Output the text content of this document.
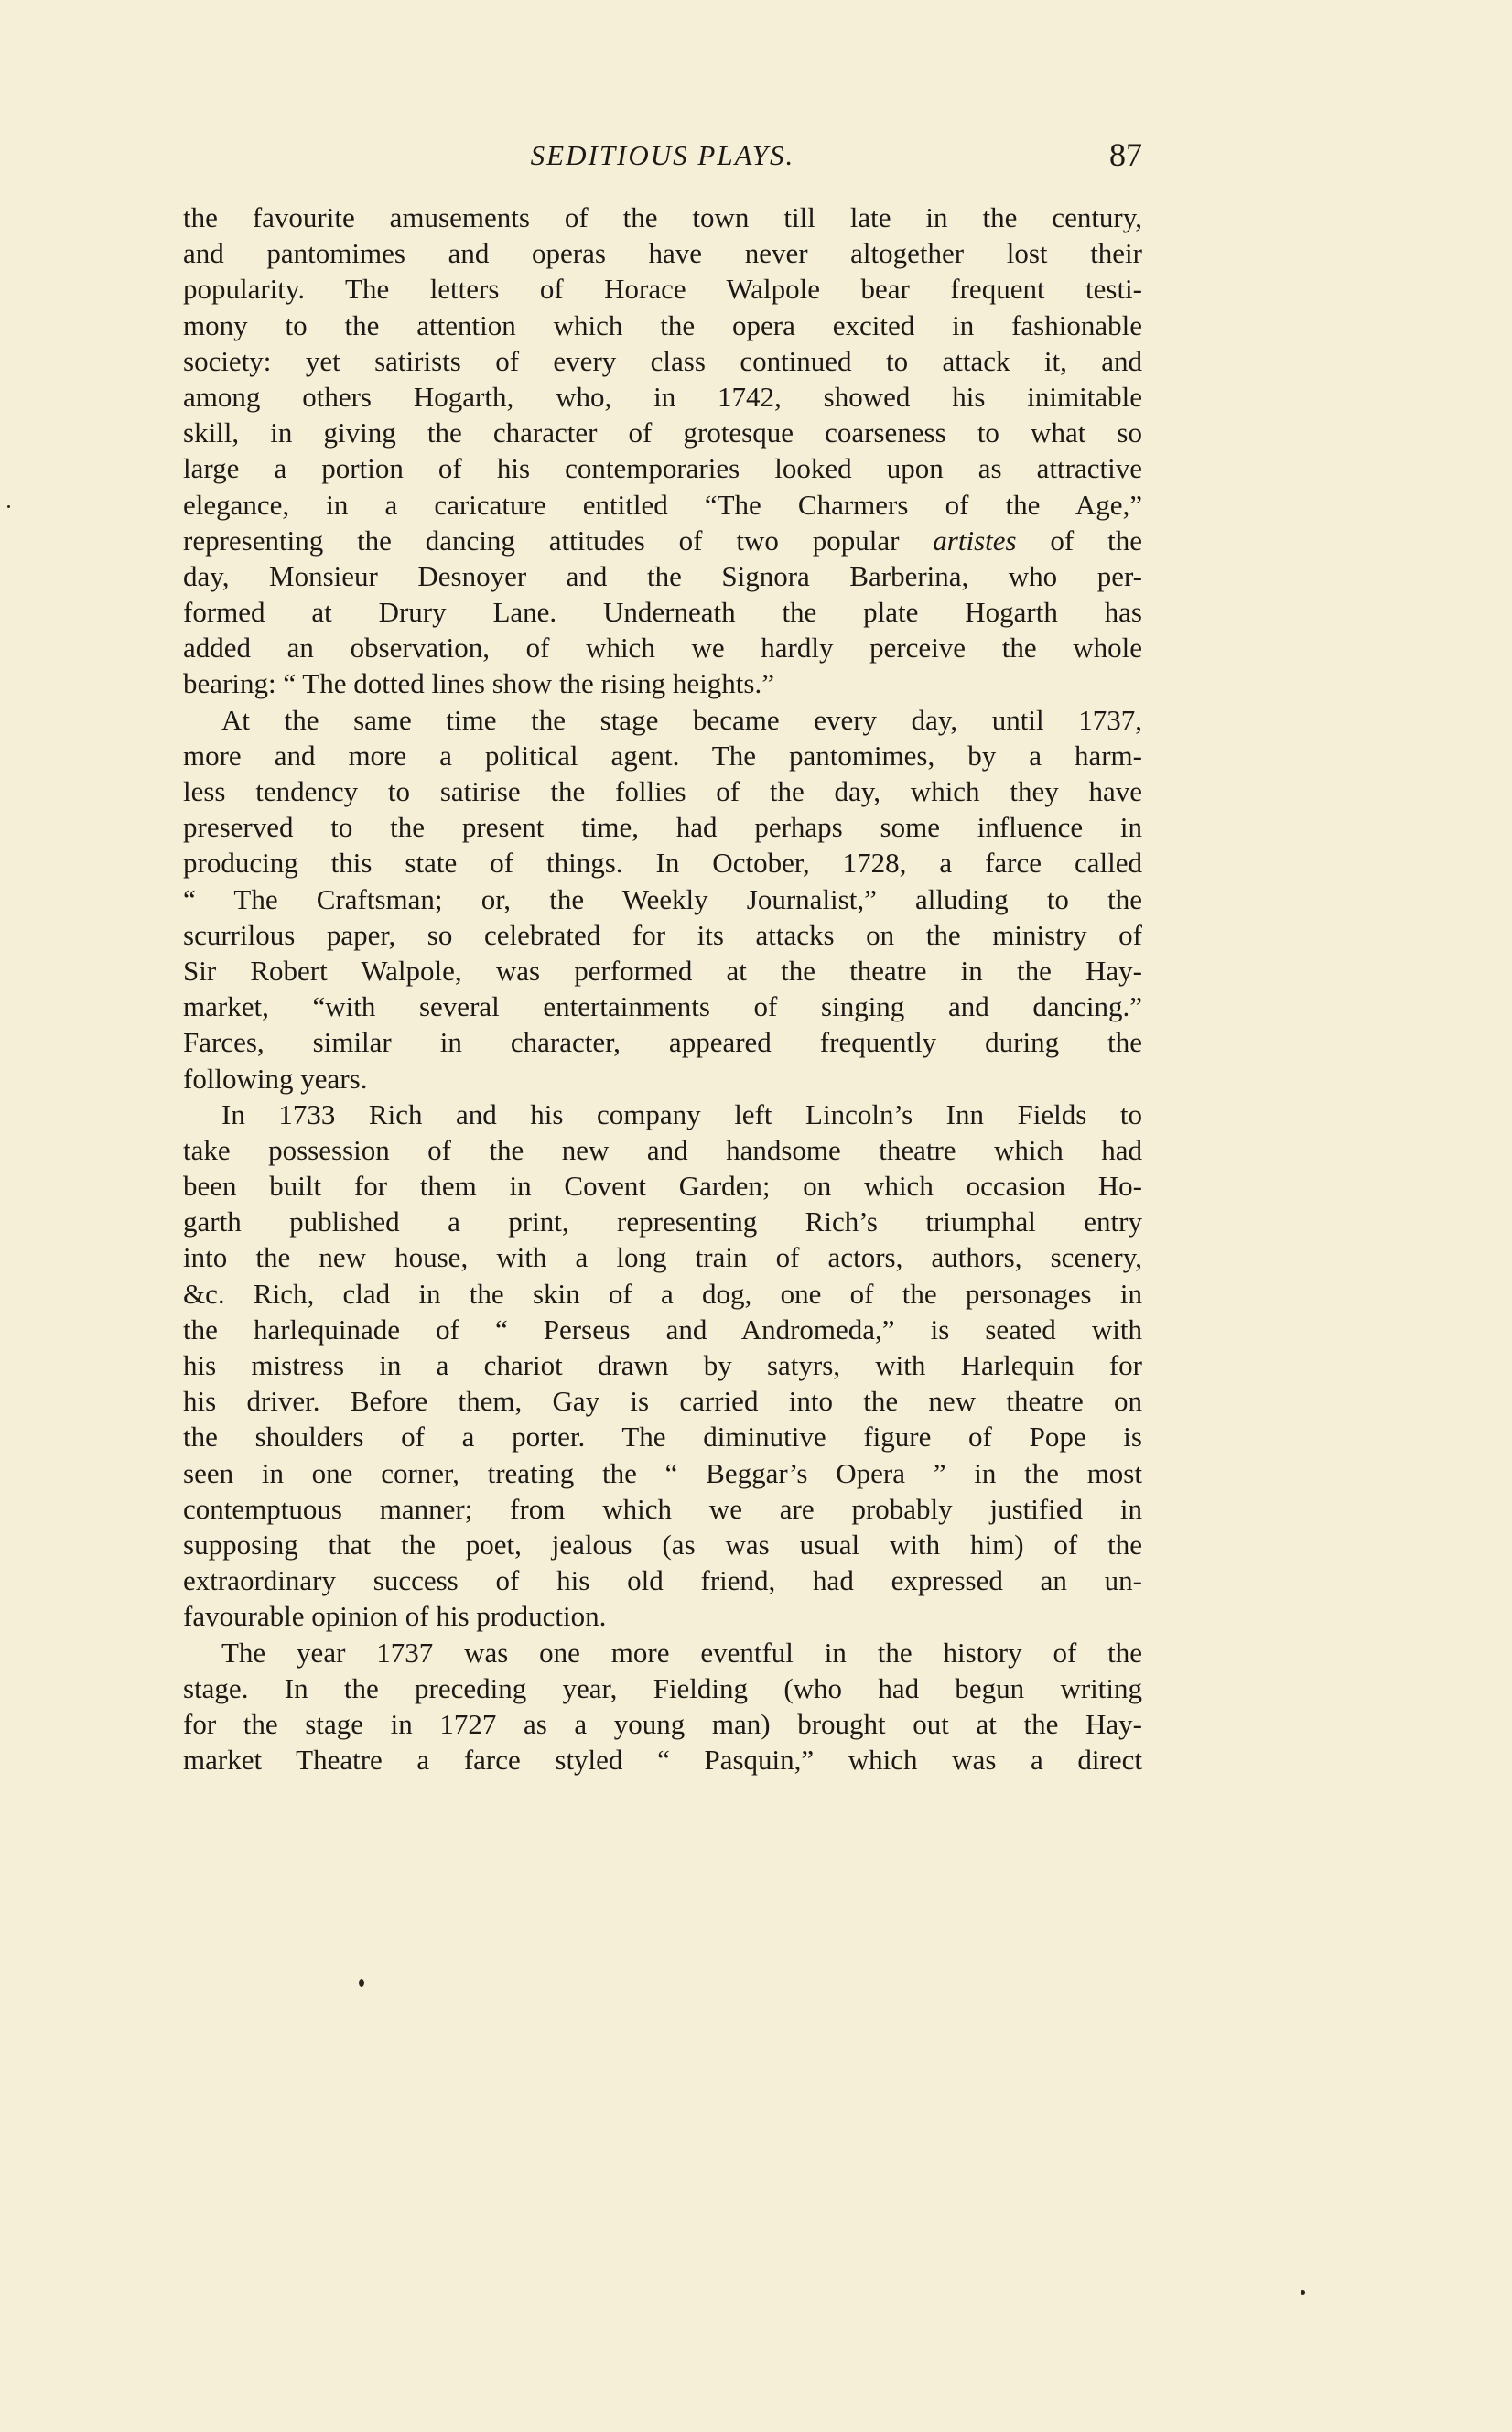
SEDITIOUS PLAYS.	87
the favourite amusements of the town till late in the century,
and pantomimes and operas have never altogether lost their
popularity. The letters of Horace Walpole bear frequent testi-
mony to the attention which the opera excited in fashionable
society: yet satirists of every class continued to attack it, and
among others Hogarth, who, in 1742, showed his inimitable
skill, in giving the character of grotesque coarseness to what so
large a portion of his contemporaries looked upon as attractive
elegance, in a caricature entitled “The Charmers of the Age,”
representing the dancing attitudes of two popular artistes of the
day, Monsieur Desnoyer and the Signora Barberina, who per-
formed at Drury Lane. Underneath the plate Hogarth has
added an observation, of which we hardly perceive the whole
bearing: “ The dotted lines show the rising heights.”
At the same time the stage became every day, until 1737,
more and more a political agent. The pantomimes, by a harm-
less tendency to satirise the follies of the day, which they have
preserved to the present time, had perhaps some influence in
producing this state of things. In October, 1728, a farce called
“ The Craftsman; or, the Weekly Journalist,” alluding to the
scurrilous paper, so celebrated for its attacks on the ministry of
Sir Robert Walpole, was performed at the theatre in the Hay-
market, “with several entertainments of singing and dancing.”
Farces, similar in character, appeared frequently during the
following years.
In 1733 Rich and his company left Lincoln’s Inn Fields to
take possession of the new and handsome theatre which had
been built for them in Covent Garden; on which occasion Ho-
garth published a print, representing Rich’s triumphal entry
into the new house, with a long train of actors, authors, scenery,
&c. Rich, clad in the skin of a dog, one of the personages in
the harlequinade of “ Perseus and Andromeda,” is seated with
his mistress in a chariot drawn by satyrs, with Harlequin for
his driver. Before them, Gay is carried into the new theatre on
the shoulders of a porter. The diminutive figure of Pope is
seen in one corner, treating the “ Beggar’s Opera ” in the most
contemptuous manner; from which we are probably justified in
supposing that the poet, jealous (as was usual with him) of the
extraordinary success of his old friend, had expressed an un-
favourable opinion of his production.
The year 1737 was one more eventful in the history of the
stage. In the preceding year, Fielding (who had begun writing
for the stage in 1727 as a young man) brought out at the Hay-
market Theatre a farce styled “ Pasquin,” which was a direct
